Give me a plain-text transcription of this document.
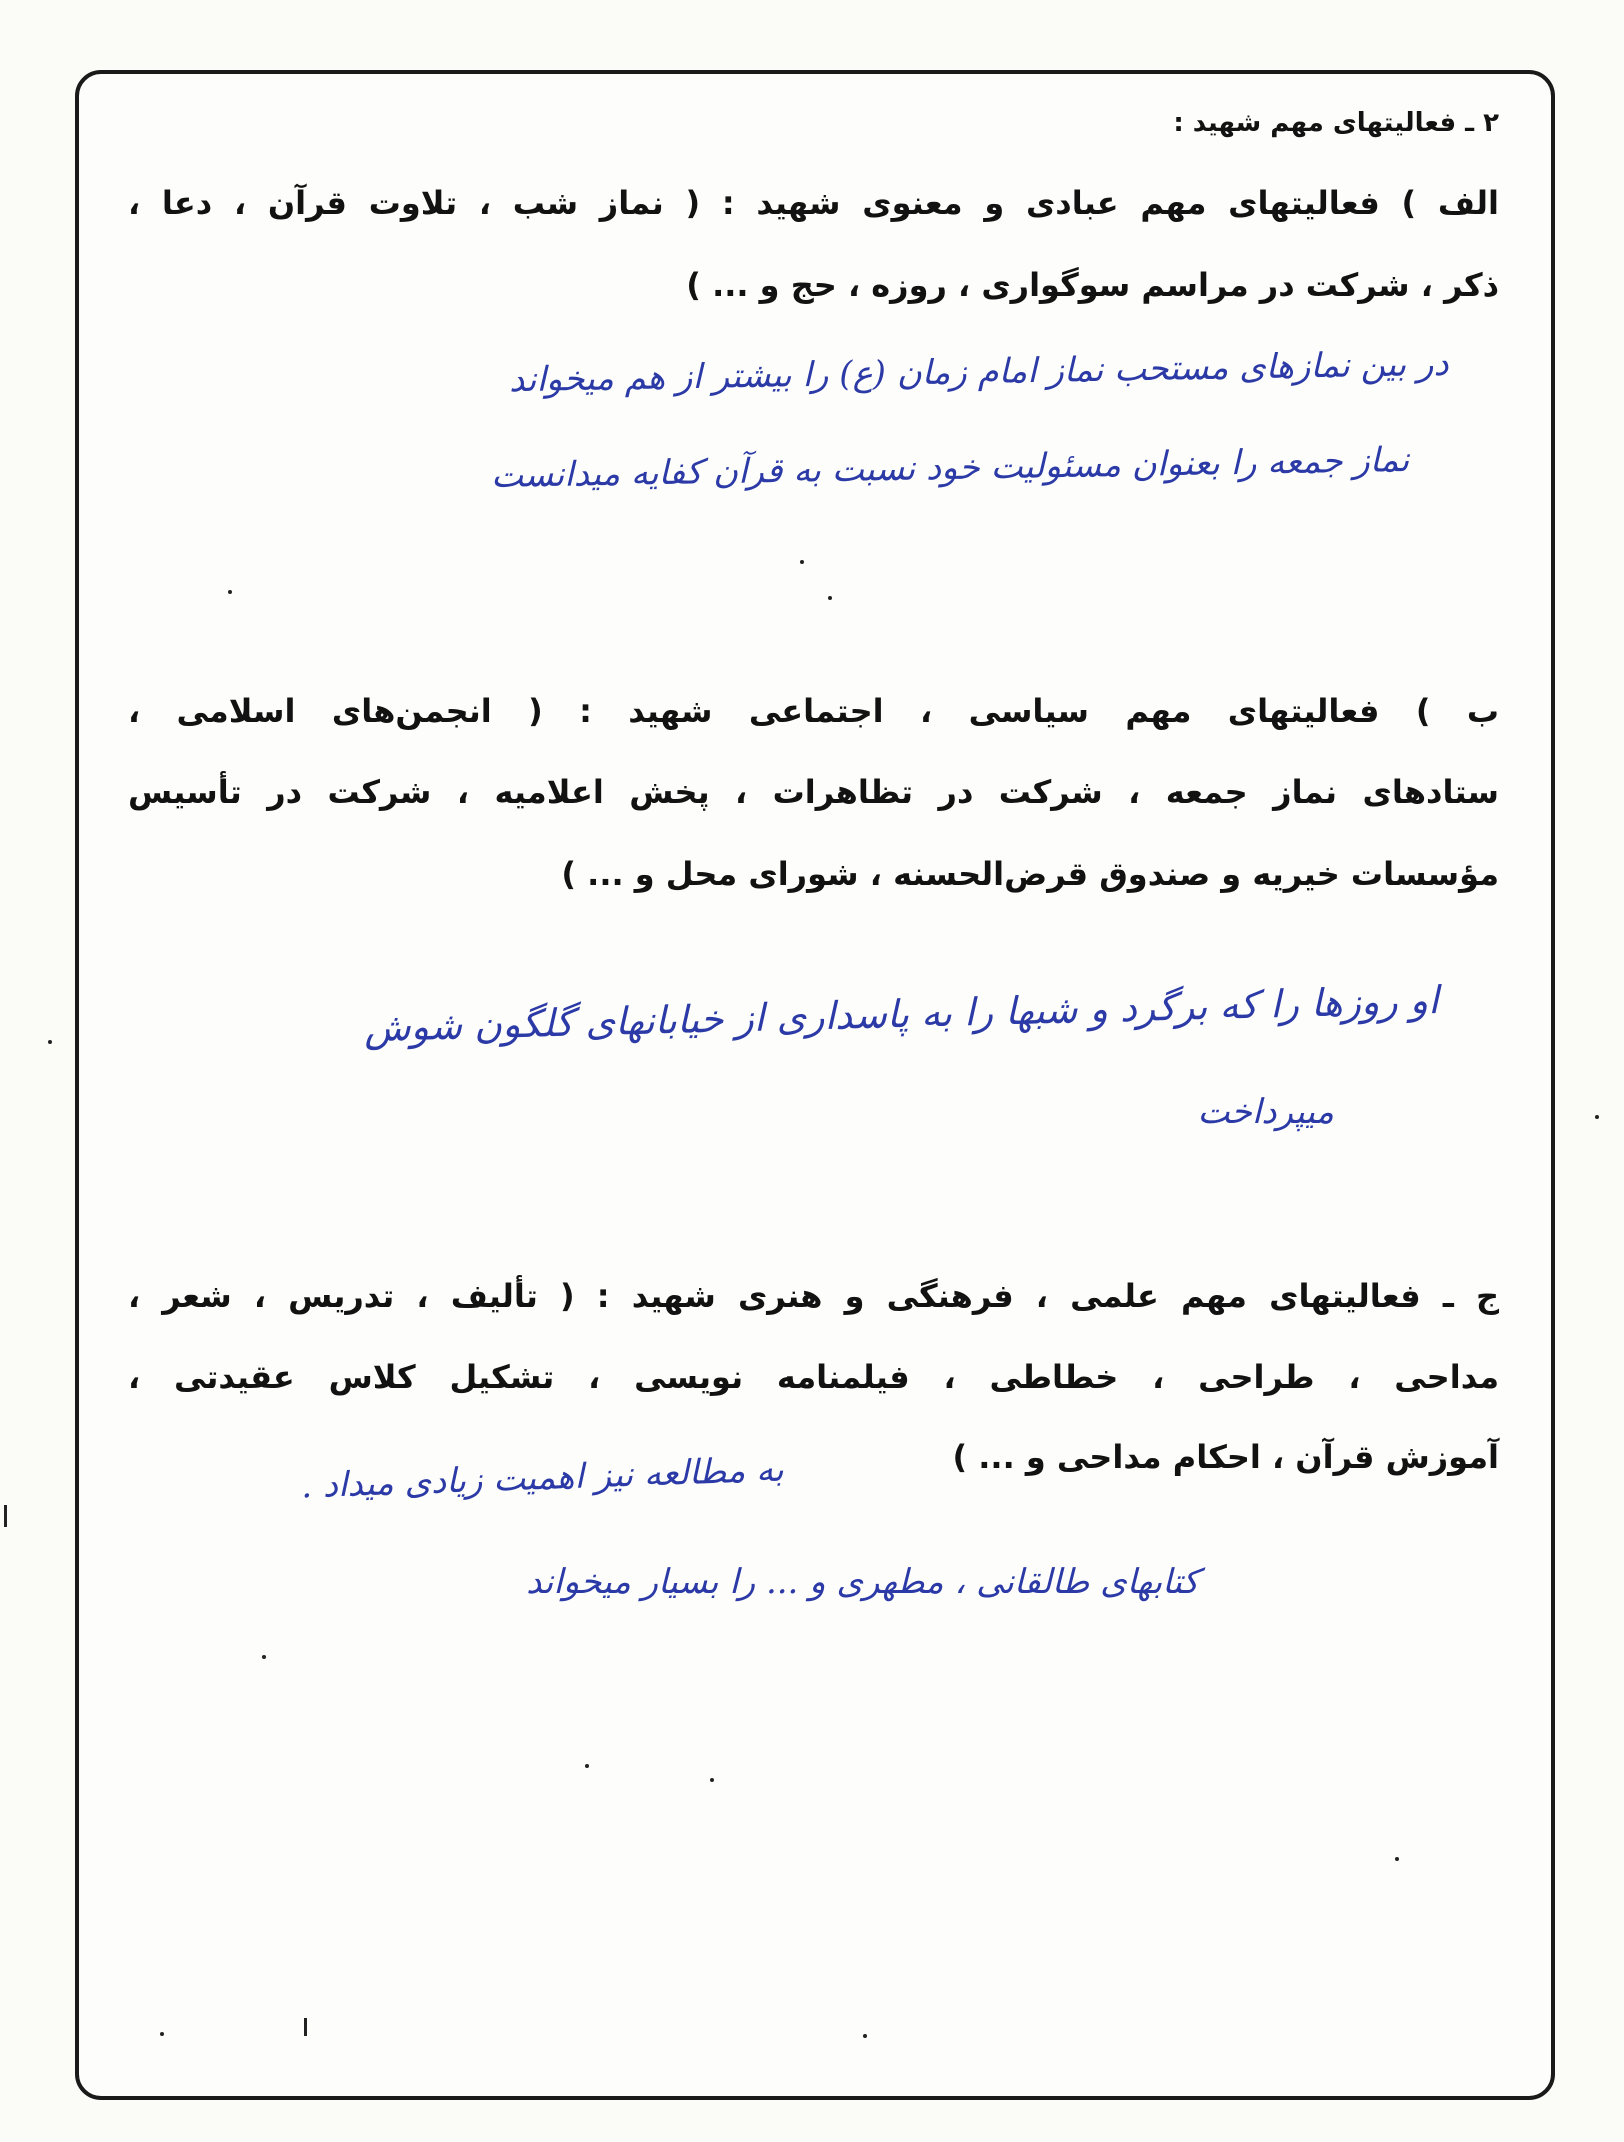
۲ ـ فعالیتهای مهم شهید :
الف ) فعالیتهای مهم عبادی و معنوی شهید : ( نماز شب ، تلاوت قرآن ، دعا ،
ذکر ، شرکت در مراسم سوگواری ، روزه ، حج و ... )
در بین نمازهای مستحب نماز امام زمان (ع) را بیشتر از هم میخواند
نماز جمعه را بعنوان مسئولیت خود نسبت به قرآن کفایه میدانست
ب ) فعالیتهای مهم سیاسی ، اجتماعی شهید : ( انجمن‌های اسلامی ،
ستادهای نماز جمعه ، شرکت در تظاهرات ، پخش اعلامیه ، شرکت در تأسیس
مؤسسات خیریه و صندوق قرض‌الحسنه ، شورای محل و ... )
او روزها را که برگرد و شبها را به پاسداری از خیابانهای گلگون شوش
میپرداخت
ج ـ فعالیتهای مهم علمی ، فرهنگی و هنری شهید : ( تألیف ، تدریس ، شعر ،
مداحی ، طراحی ، خطاطی ، فیلمنامه نویسی ، تشکیل کلاس عقیدتی ،
آموزش قرآن ، احکام مداحی و ... )
به مطالعه نیز اهمیت زیادی میداد .
کتابهای طالقانی ، مطهری و ... را بسیار میخواند
